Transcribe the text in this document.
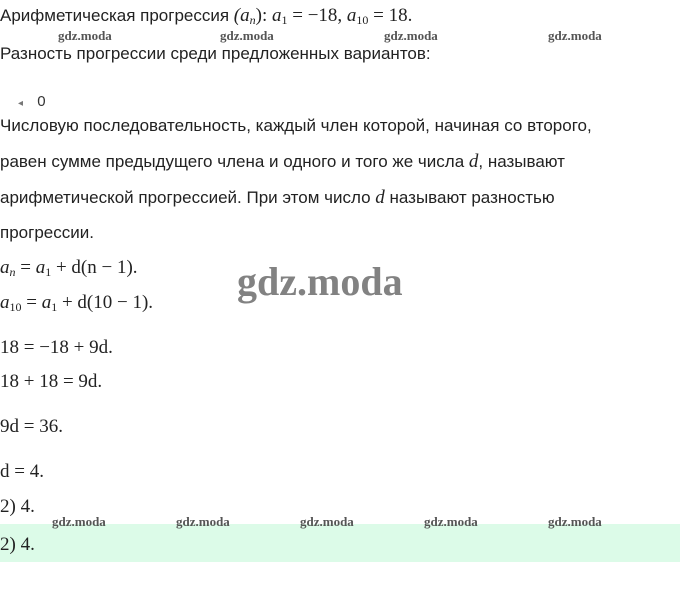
Арифметическая прогрессия $(a_n)$: $a_1 = -18$, $a_{10} = 18$.
Разность прогрессии среди предложенных вариантов:
◂ 0
Числовую последовательность, каждый член которой, начиная со второго,
равен сумме предыдущего члена и одного и того же числа d, называют
арифметической прогрессией. При этом число d называют разностью
прогрессии.
$a_n = a_1 + d(n - 1)$.
$a_{10} = a_1 + d(10 - 1)$.
18 = −18 + 9d.
18 + 18 = 9d.
9d = 36.
d = 4.
2) 4.
2) 4.
gdz.moda	gdz.moda	gdz.moda	gdz.moda
gdz.moda
gdz.moda	gdz.moda	gdz.moda	gdz.moda	gdz.moda
